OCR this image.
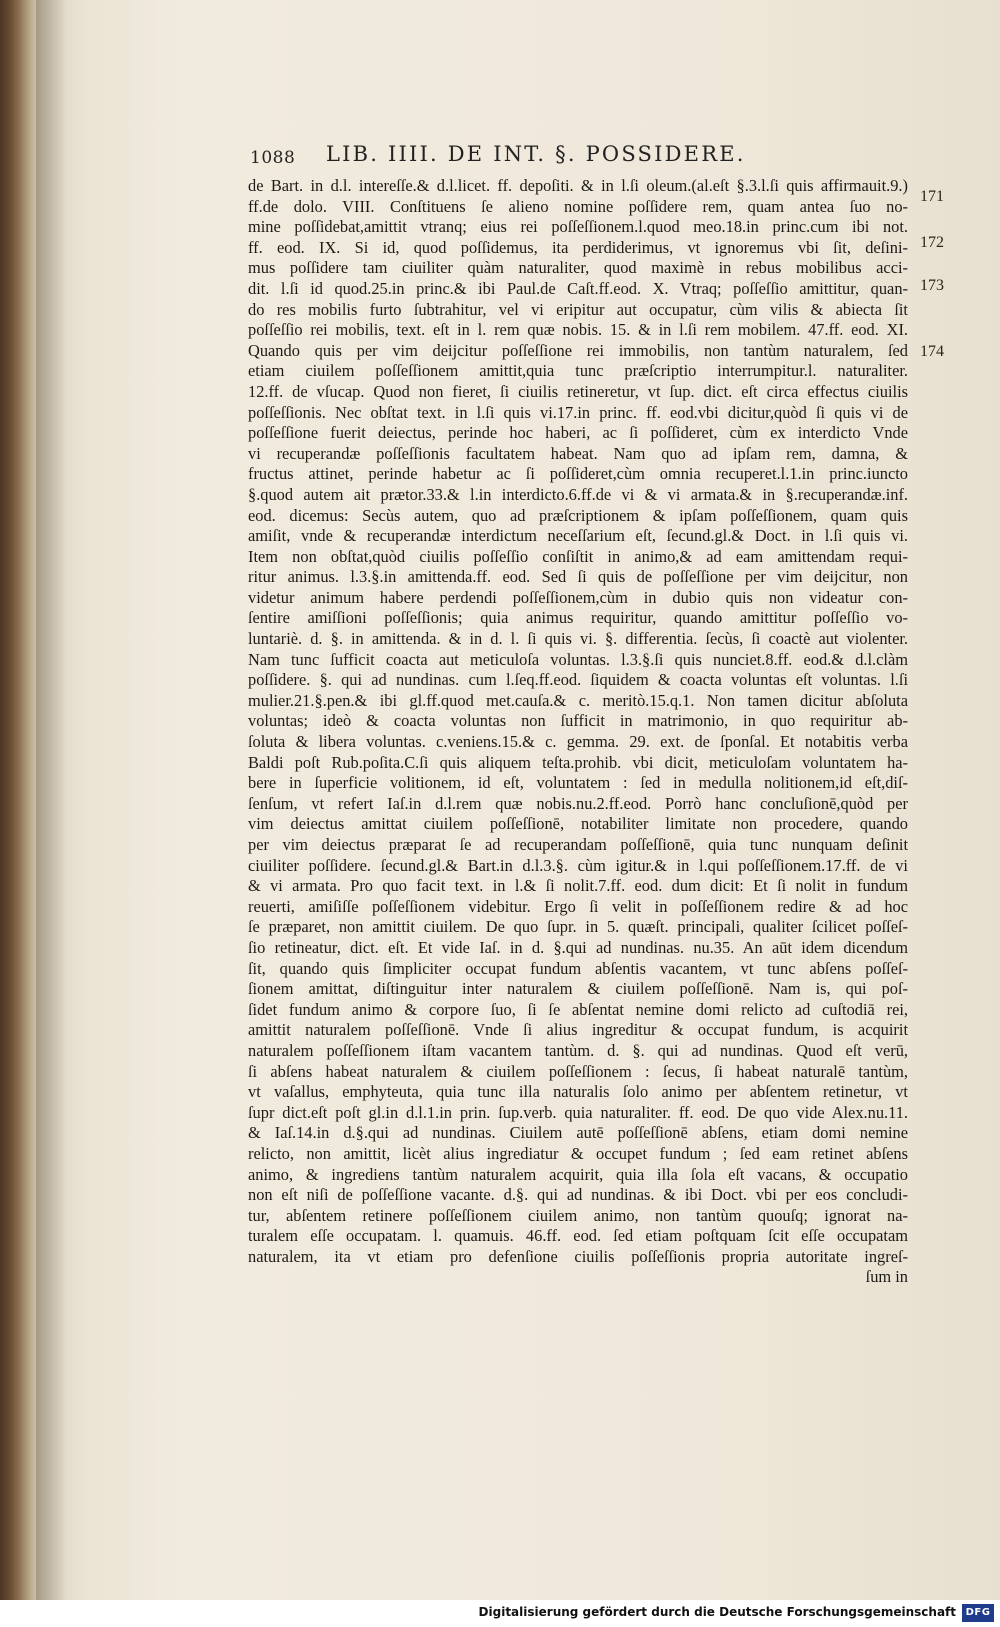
1088 LIB. IIII. DE INT. §. POSSIDERE.
de Bart. in d.l. intereſſe.& d.l.licet. ff. depoſiti. & in l.ſi oleum.(al.eſt §.3.l.ſi quis affirmauit.9.)
ff.de dolo. VIII. Conſtituens ſe alieno nomine poſſidere rem, quam antea ſuo no-
mine poſſidebat,amittit vtranq; eius rei poſſeſſionem.l.quod meo.18.in princ.cum ibi not.
ff. eod. IX. Si id, quod poſſidemus, ita perdiderimus, vt ignoremus vbi ſit, deſini-
mus poſſidere tam ciuiliter quàm naturaliter, quod maximè in rebus mobilibus acci-
dit. l.ſi id quod.25.in princ.& ibi Paul.de Caſt.ff.eod. X. Vtraq; poſſeſſio amittitur, quan-
do res mobilis furto ſubtrahitur, vel vi eripitur aut occupatur, cùm vilis & abiecta ſit
poſſeſſio rei mobilis, text. eſt in l. rem quæ nobis. 15. & in l.ſi rem mobilem. 47.ff. eod. XI.
Quando quis per vim deijcitur poſſeſſione rei immobilis, non tantùm naturalem, ſed
etiam ciuilem poſſeſſionem amittit,quia tunc præſcriptio interrumpitur.l. naturaliter.
12.ff. de vſucap. Quod non fieret, ſi ciuilis retineretur, vt ſup. dict. eſt circa effectus ciuilis
poſſeſſionis. Nec obſtat text. in l.ſi quis vi.17.in princ. ff. eod.vbi dicitur,quòd ſi quis vi de
poſſeſſione fuerit deiectus, perinde hoc haberi, ac ſi poſſideret, cùm ex interdicto Vnde
vi recuperandæ poſſeſſionis facultatem habeat. Nam quo ad ipſam rem, damna, &
fructus attinet, perinde habetur ac ſi poſſideret,cùm omnia recuperet.l.1.in princ.iuncto
§.quod autem ait prætor.33.& l.in interdicto.6.ff.de vi & vi armata.& in §.recuperandæ.inf.
eod. dicemus: Secùs autem, quo ad præſcriptionem & ipſam poſſeſſionem, quam quis
amiſit, vnde & recuperandæ interdictum neceſſarium eſt, ſecund.gl.& Doct. in l.ſi quis vi.
Item non obſtat,quòd ciuilis poſſeſſio conſiſtit in animo,& ad eam amittendam requi-
ritur animus. l.3.§.in amittenda.ff. eod. Sed ſi quis de poſſeſſione per vim deijcitur, non
videtur animum habere perdendi poſſeſſionem,cùm in dubio quis non videatur con-
ſentire amiſſioni poſſeſſionis; quia animus requiritur, quando amittitur poſſeſſio vo-
luntariè. d. §. in amittenda. & in d. l. ſi quis vi. §. differentia. ſecùs, ſi coactè aut violenter.
Nam tunc ſufficit coacta aut meticuloſa voluntas. l.3.§.ſi quis nunciet.8.ff. eod.& d.l.clàm
poſſidere. §. qui ad nundinas. cum l.ſeq.ff.eod. ſiquidem & coacta voluntas eſt voluntas. l.ſi
mulier.21.§.pen.& ibi gl.ff.quod met.cauſa.& c. meritò.15.q.1. Non tamen dicitur abſoluta
voluntas; ideò & coacta voluntas non ſufficit in matrimonio, in quo requiritur ab-
ſoluta & libera voluntas. c.veniens.15.& c. gemma. 29. ext. de ſponſal. Et notabitis verba
Baldi poſt Rub.poſita.C.ſi quis aliquem teſta.prohib. vbi dicit, meticuloſam voluntatem ha-
bere in ſuperficie volitionem, id eſt, voluntatem : ſed in medulla nolitionem,id eſt,diſ-
ſenſum, vt refert Iaſ.in d.l.rem quæ nobis.nu.2.ff.eod. Porrò hanc concluſionē,quòd per
vim deiectus amittat ciuilem poſſeſſionē, notabiliter limitate non procedere, quando
per vim deiectus præparat ſe ad recuperandam poſſeſſionē, quia tunc nunquam deſinit
ciuiliter poſſidere. ſecund.gl.& Bart.in d.l.3.§. cùm igitur.& in l.qui poſſeſſionem.17.ff. de vi
& vi armata. Pro quo facit text. in l.& ſi nolit.7.ff. eod. dum dicit: Et ſi nolit in fundum
reuerti, amiſiſſe poſſeſſionem videbitur. Ergo ſi velit in poſſeſſionem redire & ad hoc
ſe præparet, non amittit ciuilem. De quo ſupr. in 5. quæſt. principali, qualiter ſcilicet poſſeſ-
ſio retineatur, dict. eſt. Et vide Iaſ. in d. §.qui ad nundinas. nu.35. An aūt idem dicendum
ſit, quando quis ſimpliciter occupat fundum abſentis vacantem, vt tunc abſens poſſeſ-
ſionem amittat, diſtinguitur inter naturalem & ciuilem poſſeſſionē. Nam is, qui poſ-
ſidet fundum animo & corpore ſuo, ſi ſe abſentat nemine domi relicto ad cuſtodiā rei,
amittit naturalem poſſeſſionē. Vnde ſi alius ingreditur & occupat fundum, is acquirit
naturalem poſſeſſionem iſtam vacantem tantùm. d. §. qui ad nundinas. Quod eſt verū,
ſi abſens habeat naturalem & ciuilem poſſeſſionem : ſecus, ſi habeat naturalē tantùm,
vt vaſallus, emphyteuta, quia tunc illa naturalis ſolo animo per abſentem retinetur, vt
ſupr dict.eſt poſt gl.in d.l.1.in prin. ſup.verb. quia naturaliter. ff. eod. De quo vide Alex.nu.11.
& Iaſ.14.in d.§.qui ad nundinas. Ciuilem autē poſſeſſionē abſens, etiam domi nemine
relicto, non amittit, licèt alius ingrediatur & occupet fundum ; ſed eam retinet abſens
animo, & ingrediens tantùm naturalem acquirit, quia illa ſola eſt vacans, & occupatio
non eſt niſi de poſſeſſione vacante. d.§. qui ad nundinas. & ibi Doct. vbi per eos concludi-
tur, abſentem retinere poſſeſſionem ciuilem animo, non tantùm quouſq; ignorat na-
turalem eſſe occupatam. l. quamuis. 46.ff. eod. ſed etiam poſtquam ſcit eſſe occupatam
naturalem, ita vt etiam pro defenſione ciuilis poſſeſſionis propria autoritate ingreſ-
ſum in
171
172
173
174
Digitalisierung gefördert durch die Deutsche Forschungsgemeinschaft DFG
